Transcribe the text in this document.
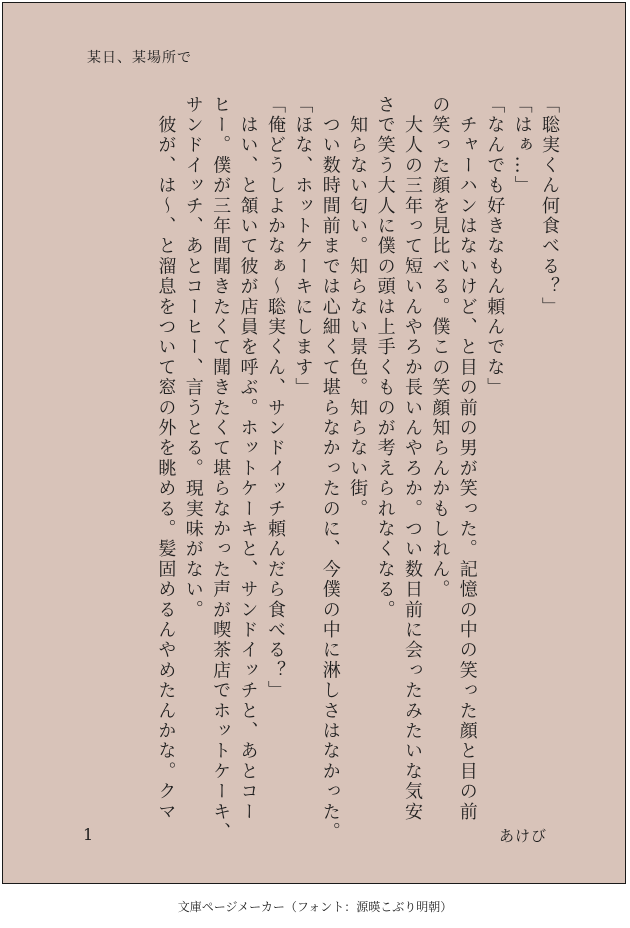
某日、某場所で
「聡実くん何食べる？」
「はぁ…」
「なんでも好きなもん頼んでな」
　チャーハンはないけど、と目の前の男が笑った。記憶の中の笑った顔と目の前
の笑った顔を見比べる。僕この笑顔知らんかもしれん。
　大人の三年って短いんやろか長いんやろか。つい数日前に会ったみたいな気安
さで笑う大人に僕の頭は上手くものが考えられなくなる。
　知らない匂い。知らない景色。知らない街。
　つい数時間前までは心細くて堪らなかったのに、今僕の中に淋しさはなかった。
「ほな、ホットケーキにします」
「俺どうしよかなぁ〜聡実くん、サンドイッチ頼んだら食べる？」
　はい、と頷いて彼が店員を呼ぶ。ホットケーキと、サンドイッチと、あとコー
ヒー。僕が三年間聞きたくて聞きたくて堪らなかった声が喫茶店でホットケーキ、
サンドイッチ、あとコーヒー、言うとる。現実味がない。
　彼が、は〜、と溜息をついて窓の外を眺める。髪固めるんやめたんかな。クマ
1	あけび
文庫ページメーカー（フォント：源暎こぶり明朝）
